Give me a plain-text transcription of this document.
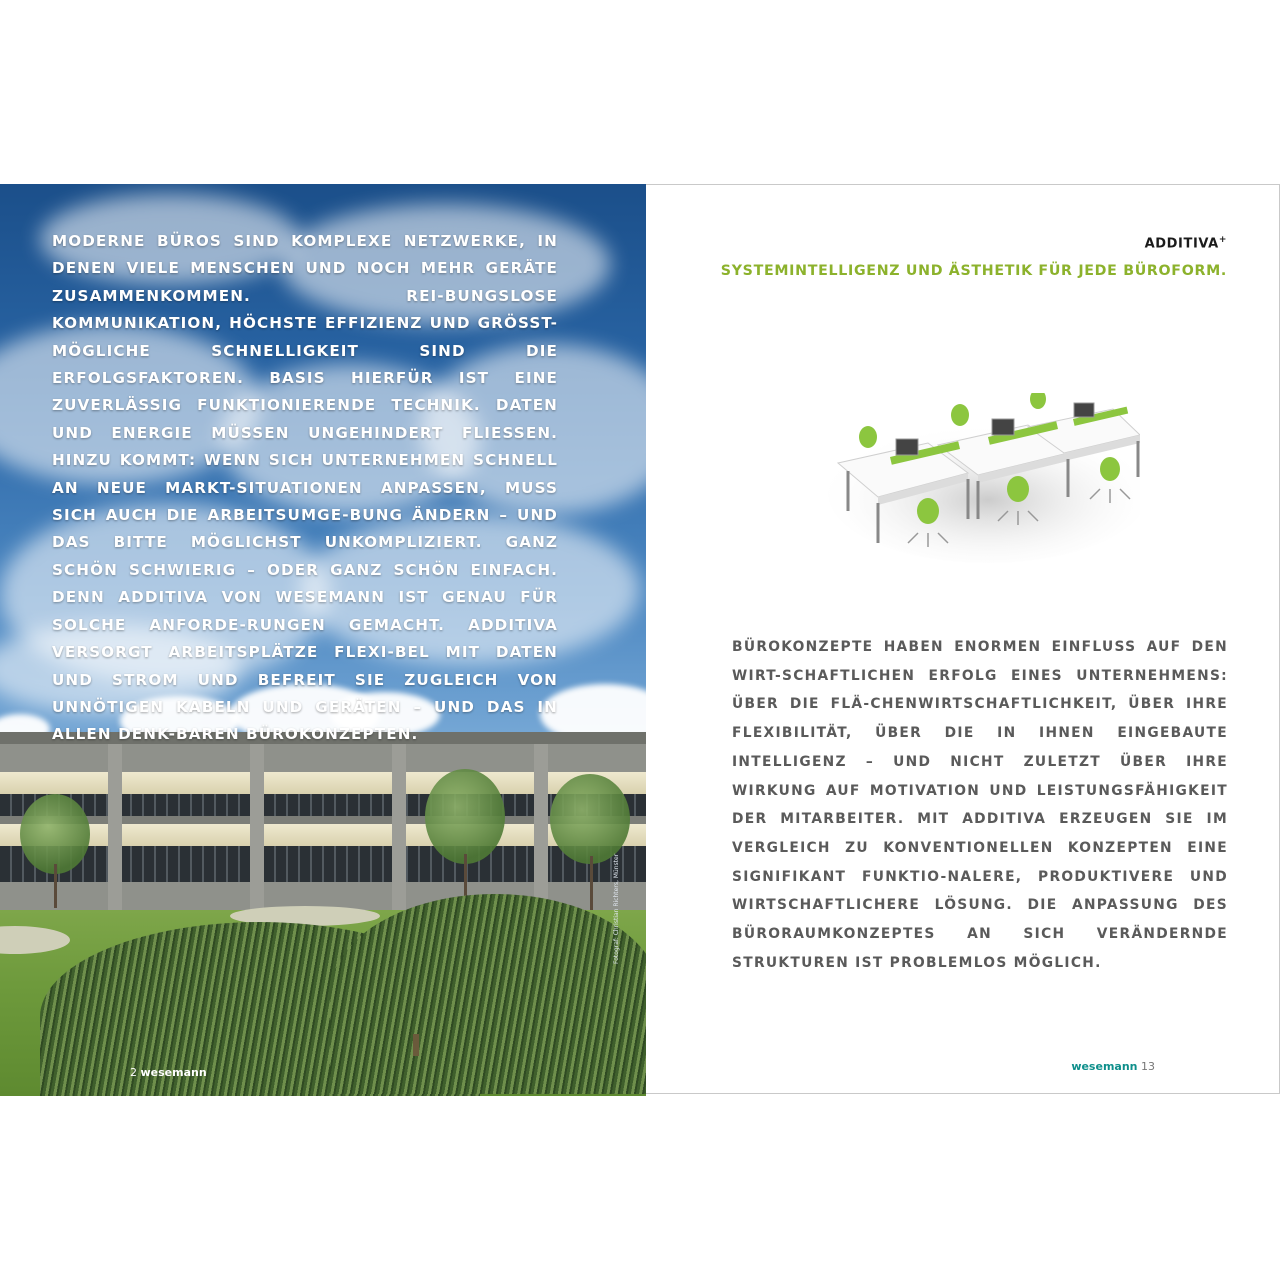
MODERNE BÜROS SIND KOMPLEXE NETZWERKE, IN DENEN VIELE MENSCHEN UND NOCH MEHR GERÄTE ZUSAMMENKOMMEN. REI-BUNGSLOSE KOMMUNIKATION, HÖCHSTE EFFIZIENZ UND GRÖSST-MÖGLICHE SCHNELLIGKEIT SIND DIE ERFOLGSFAKTOREN. BASIS HIERFÜR IST EINE ZUVERLÄSSIG FUNKTIONIERENDE TECHNIK. DATEN UND ENERGIE MÜSSEN UNGEHINDERT FLIESSEN. HINZU KOMMT: WENN SICH UNTERNEHMEN SCHNELL AN NEUE MARKT-SITUATIONEN ANPASSEN, MUSS SICH AUCH DIE ARBEITSUMGE-BUNG ÄNDERN – UND DAS BITTE MÖGLICHST UNKOMPLIZIERT. GANZ SCHÖN SCHWIERIG – ODER GANZ SCHÖN EINFACH. DENN ADDITIVA VON WESEMANN IST GENAU FÜR SOLCHE ANFORDE-RUNGEN GEMACHT. ADDITIVA VERSORGT ARBEITSPLÄTZE FLEXI-BEL MIT DATEN UND STROM UND BEFREIT SIE ZUGLEICH VON UNNÖTIGEN KABELN UND GERÄTEN – UND DAS IN ALLEN DENK-BAREN BÜROKONZEPTEN.

2 wesemann
Fotograf: Christian Richters, Münster
ADDITIVA+
SYSTEMINTELLIGENZ UND ÄSTHETIK FÜR JEDE BÜROFORM.

BÜROKONZEPTE HABEN ENORMEN EINFLUSS AUF DEN WIRT-SCHAFTLICHEN ERFOLG EINES UNTERNEHMENS: ÜBER DIE FLÄ-CHENWIRTSCHAFTLICHKEIT, ÜBER IHRE FLEXIBILITÄT, ÜBER DIE IN IHNEN EINGEBAUTE INTELLIGENZ – UND NICHT ZULETZT ÜBER IHRE WIRKUNG AUF MOTIVATION UND LEISTUNGSFÄHIGKEIT DER MITARBEITER. MIT ADDITIVA ERZEUGEN SIE IM VERGLEICH ZU KONVENTIONELLEN KONZEPTEN EINE SIGNIFIKANT FUNKTIO-NALERE, PRODUKTIVERE UND WIRTSCHAFTLICHERE LÖSUNG. DIE ANPASSUNG DES BÜRORAUMKONZEPTES AN SICH VERÄNDERNDE STRUKTUREN IST PROBLEMLOS MÖGLICH.

wesemann 13
